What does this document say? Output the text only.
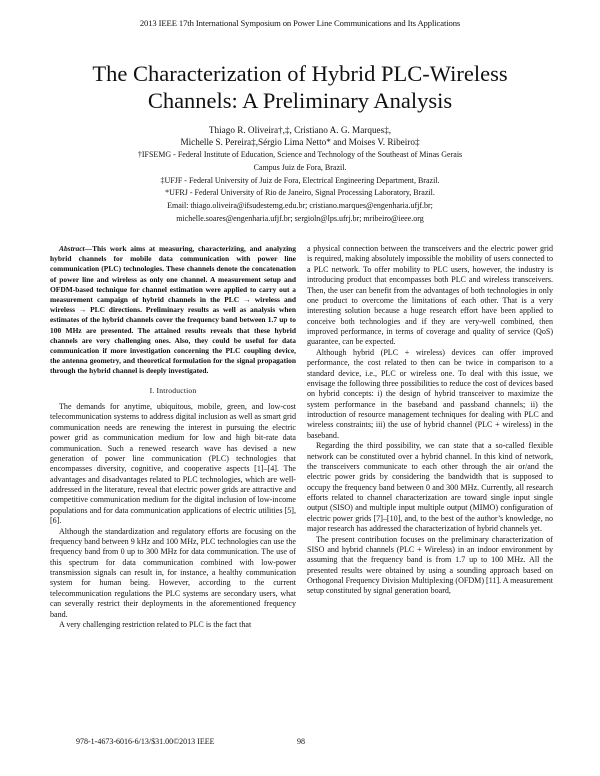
2013 IEEE 17th International Symposium on Power Line Communications and Its Applications
The Characterization of Hybrid PLC-Wireless
Channels: A Preliminary Analysis
Thiago R. Oliveira†,‡, Cristiano A. G. Marques‡,
Michelle S. Pereira‡,Sérgio Lima Netto* and Moises V. Ribeiro‡
†IFSEMG - Federal Institute of Education, Science and Technology of the Southeast of Minas Gerais
Campus Juiz de Fora, Brazil.
‡UFJF - Federal University of Juiz de Fora, Electrical Engineering Department, Brazil.
*UFRJ - Federal University of Rio de Janeiro, Signal Processing Laboratory, Brazil.
Email: thiago.oliveira@ifsudestemg.edu.br; cristiano.marques@engenharia.ufjf.br;
michelle.soares@engenharia.ufjf.br; sergioln@lps.ufrj.br; mribeiro@ieee.org

Abstract—This work aims at measuring, characterizing, and analyzing hybrid channels for mobile data communication with power line communication (PLC) technologies. These channels denote the concatenation of power line and wireless as only one channel. A measurement setup and OFDM-based technique for channel estimation were applied to carry out a measurement campaign of hybrid channels in the PLC → wireless and wireless → PLC directions. Preliminary results as well as analysis when estimates of the hybrid channels cover the frequency band between 1.7 up to 100 MHz are presented. The attained results reveals that these hybrid channels are very challenging ones. Also, they could be useful for data communication if more investigation concerning the PLC coupling device, the antenna geometry, and theoretical formulation for the signal propagation through the hybrid channel is deeply investigated.

I. Introduction

The demands for anytime, ubiquitous, mobile, green, and low-cost telecommunication systems to address digital inclusion as well as smart grid communication needs are renewing the interest in pursuing the electric power grid as communication medium for low and high bit-rate data communication. Such a renewed research wave has devised a new generation of power line communication (PLC) technologies that encompasses diversity, cognitive, and cooperative aspects [1]–[4]. The advantages and disadvantages related to PLC technologies, which are well-addressed in the literature, reveal that electric power grids are attractive and competitive communication medium for the digital inclusion of low-income populations and for data communication applications of electric utilities [5], [6].

Although the standardization and regulatory efforts are focusing on the frequency band between 9 kHz and 100 MHz, PLC technologies can use the frequency band from 0 up to 300 MHz for data communication. The use of this spectrum for data communication combined with low-power transmission signals can result in, for instance, a healthy communication system for human being. However, according to the current telecommunication regulations the PLC systems are secondary users, what can severally restrict their deployments in the aforementioned frequency band.

A very challenging restriction related to PLC is the fact that

a physical connection between the transceivers and the electric power grid is required, making absolutely impossible the mobility of users connected to a PLC network. To offer mobility to PLC users, however, the industry is introducing product that encompasses both PLC and wireless transceivers. Then, the user can benefit from the advantages of both technologies in only one product to overcome the limitations of each other. That is a very interesting solution because a huge research effort have been applied to conceive both technologies and if they are very-well combined, then improved performance, in terms of coverage and quality of service (QoS) guarantee, can be expected.

Although hybrid (PLC + wireless) devices can offer improved performance, the cost related to then can be twice in comparison to a standard device, i.e., PLC or wireless one. To deal with this issue, we envisage the following three possibilities to reduce the cost of devices based on hybrid concepts: i) the design of hybrid transceiver to maximize the system performance in the baseband and passband channels; ii) the introduction of resource management techniques for dealing with PLC and wireless constraints; iii) the use of hybrid channel (PLC + wireless) in the baseband.

Regarding the third possibility, we can state that a so-called flexible network can be constituted over a hybrid channel. In this kind of network, the transceivers communicate to each other through the air or/and the electric power grids by considering the bandwidth that is supposed to occupy the frequency band between 0 and 300 MHz. Currently, all research efforts related to channel characterization are toward single input single output (SISO) and multiple input multiple output (MIMO) configuration of electric power grids [7]–[10], and, to the best of the author’s knowledge, no major research has addressed the characterization of hybrid channels yet.

The present contribution focuses on the preliminary characterization of SISO and hybrid channels (PLC + Wireless) in an indoor environment by assuming that the frequency band is from 1.7 up to 100 MHz. All the presented results were obtained by using a sounding approach based on Orthogonal Frequency Division Multiplexing (OFDM) [11]. A measurement setup constituted by signal generation board,

978-1-4673-6016-6/13/$31.00©2013 IEEE	98
